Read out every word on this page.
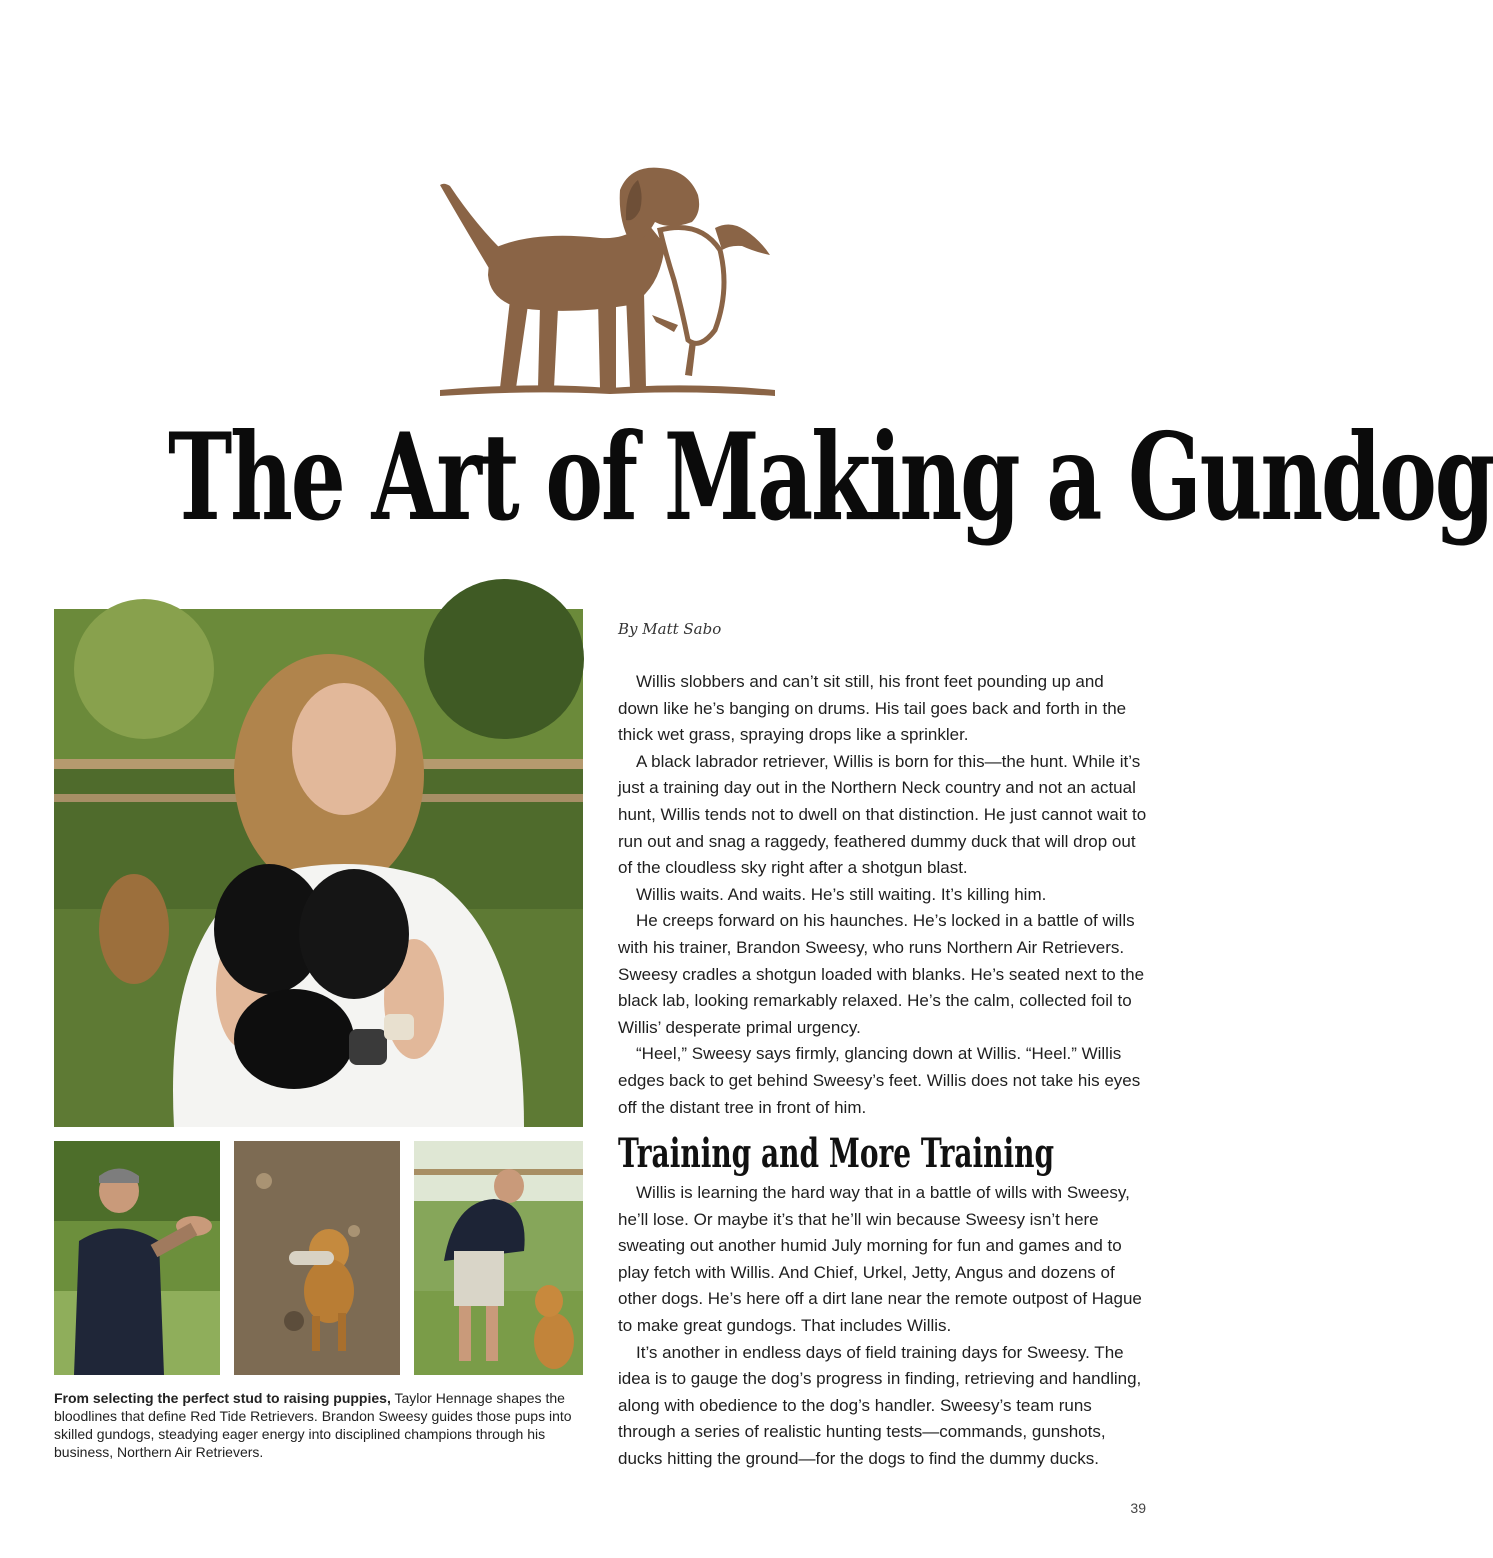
The Art of Making a Gundog
From selecting the perfect stud to raising puppies, Taylor Hennage shapes the bloodlines that define Red Tide Retrievers. Brandon Sweesy guides those pups into skilled gundogs, steadying eager energy into disciplined champions through his business, Northern Air Retrievers.
By Matt Sabo

Willis slobbers and can’t sit still, his front feet pounding up and down like he’s banging on drums. His tail goes back and forth in the thick wet grass, spraying drops like a sprinkler.

A black labrador retriever, Willis is born for this—the hunt. While it’s just a training day out in the Northern Neck country and not an actual hunt, Willis tends not to dwell on that distinction. He just cannot wait to run out and snag a raggedy, feathered dummy duck that will drop out of the cloudless sky right after a shotgun blast.

Willis waits. And waits. He’s still waiting. It’s killing him.

He creeps forward on his haunches. He’s locked in a battle of wills with his trainer, Brandon Sweesy, who runs Northern Air Retrievers. Sweesy cradles a shotgun loaded with blanks. He’s seated next to the black lab, looking remarkably relaxed. He’s the calm, collected foil to Willis’ desperate primal urgency.

“Heel,” Sweesy says firmly, glancing down at Willis. “Heel.” Willis edges back to get behind Sweesy’s feet. Willis does not take his eyes off the distant tree in front of him.

Training and More Training

Willis is learning the hard way that in a battle of wills with Sweesy, he’ll lose. Or maybe it’s that he’ll win because Sweesy isn’t here sweating out another humid July morning for fun and games and to play fetch with Willis. And Chief, Urkel, Jetty, Angus and dozens of other dogs. He’s here off a dirt lane near the remote outpost of Hague to make great gundogs. That includes Willis.

It’s another in endless days of field training days for Sweesy. The idea is to gauge the dog’s progress in finding, retrieving and handling, along with obedience to the dog’s handler. Sweesy’s team runs through a series of realistic hunting tests—commands, gunshots, ducks hitting the ground—for the dogs to find the dummy ducks.

39
